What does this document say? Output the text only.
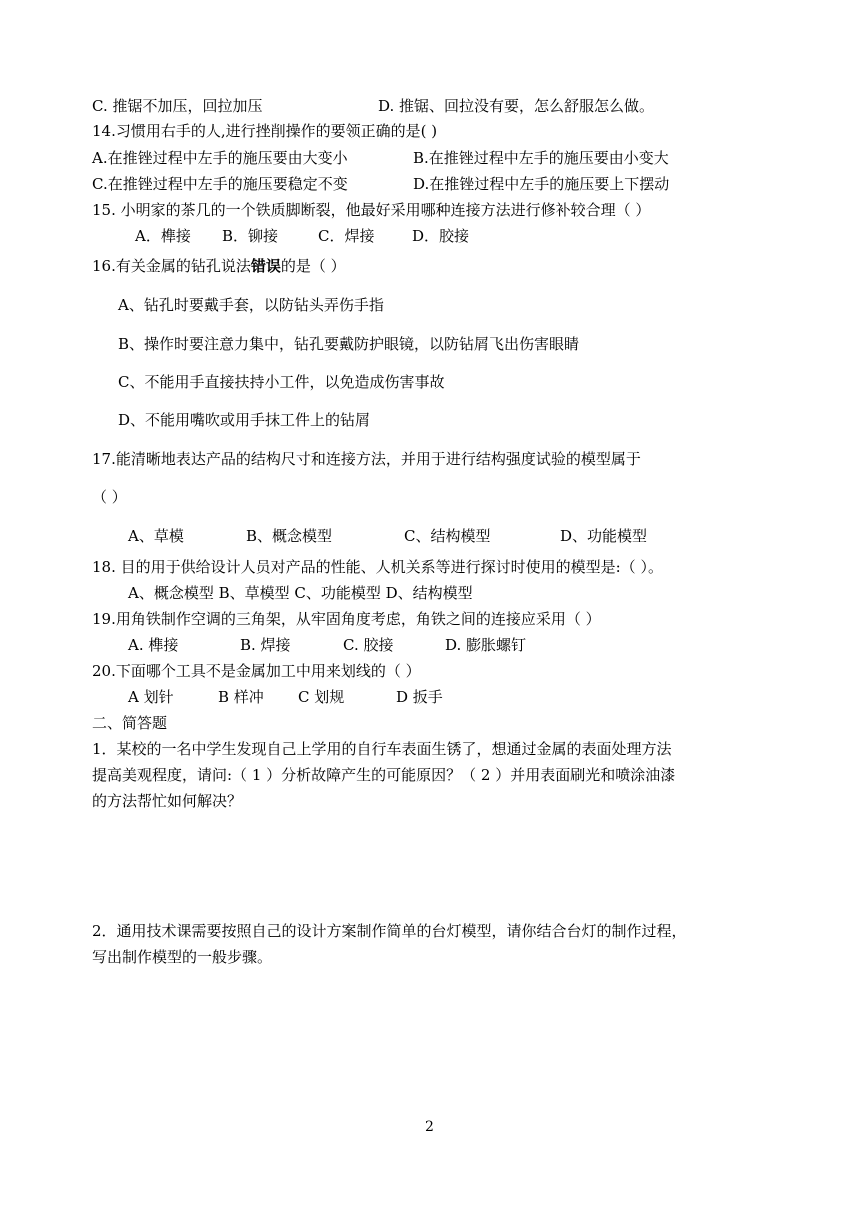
C. 推锯不加压，回拉加压	D. 推锯、回拉没有要，怎么舒服怎么做。
14.习惯用右手的人,进行挫削操作的要领正确的是( )
A.在推锉过程中左手的施压要由大变小	B.在推锉过程中左手的施压要由小变大
C.在推锉过程中左手的施压要稳定不变	D.在推锉过程中左手的施压要上下摆动
15. 小明家的茶几的一个铁质脚断裂，他最好采用哪种连接方法进行修补较合理（ ）
A．榫接 B．铆接	C．焊接	D．胶接
16.有关金属的钻孔说法错误的是（ ）
A、钻孔时要戴手套，以防钻头弄伤手指
B、操作时要注意力集中，钻孔要戴防护眼镜，以防钻屑飞出伤害眼睛
C、不能用手直接扶持小工件，以免造成伤害事故
D、不能用嘴吹或用手抹工件上的钻屑
17.能清晰地表达产品的结构尺寸和连接方法，并用于进行结构强度试验的模型属于
（ ）
A、草模	B、概念模型	C、结构模型	D、功能模型
18. 目的用于供给设计人员对产品的性能、人机关系等进行探讨时使用的模型是:（ ）。
A、概念模型 B、草模型 C、功能模型 D、结构模型
19.用角铁制作空调的三角架，从牢固角度考虑，角铁之间的连接应采用（ ）
A. 榫接	B. 焊接	C. 胶接	D. 膨胀螺钉
20.下面哪个工具不是金属加工中用来划线的（ ）
A 划针	B 样冲 C 划规	D 扳手
二、简答题
1．某校的一名中学生发现自己上学用的自行车表面生锈了，想通过金属的表面处理方法
提高美观程度，请问:（ 1 ）分析故障产生的可能原因？（ 2 ）并用表面刷光和喷涂油漆
的方法帮忙如何解决？
2．通用技术课需要按照自己的设计方案制作简单的台灯模型，请你结合台灯的制作过程，
写出制作模型的一般步骤。
2
